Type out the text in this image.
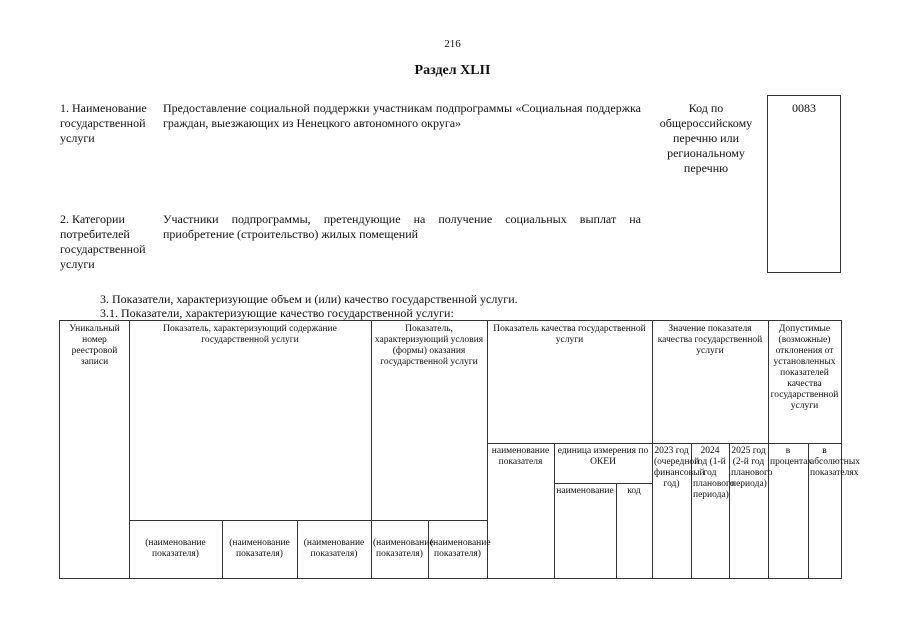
216
Раздел XLII
1. Наименование государственной услуги
Предоставление социальной поддержки участникам подпрограммы «Социальная поддержка граждан, выезжающих из Ненецкого автономного округа»
Код по общероссийскому перечню или региональному перечню
0083
2. Категории потребителей государственной услуги
Участники подпрограммы, претендующие на получение социальных выплат на приобретение (строительство) жилых помещений
3. Показатели, характеризующие объем и (или) качество государственной услуги.
3.1. Показатели, характеризующие качество государственной услуги:
Уникальный номер реестровой записи
Показатель, характеризующий содержание государственной услуги
Показатель, характеризующий условия (формы) оказания государственной услуги
Показатель качества государственной услуги
Значение показателя качества государственной услуги
Допустимые (возможные) отклонения от установленных показателей качества государственной услуги
наименование показателя
единица измерения по ОКЕИ
наименование	код
2023 год (очередной финансовый год)
2024 год (1-й год планового периода)
2025 год (2-й год планового периода)
в процентах
в абсолютных показателях
(наименование показателя)
(наименование показателя)
(наименование показателя)
(наименование показателя)
(наименование показателя)
